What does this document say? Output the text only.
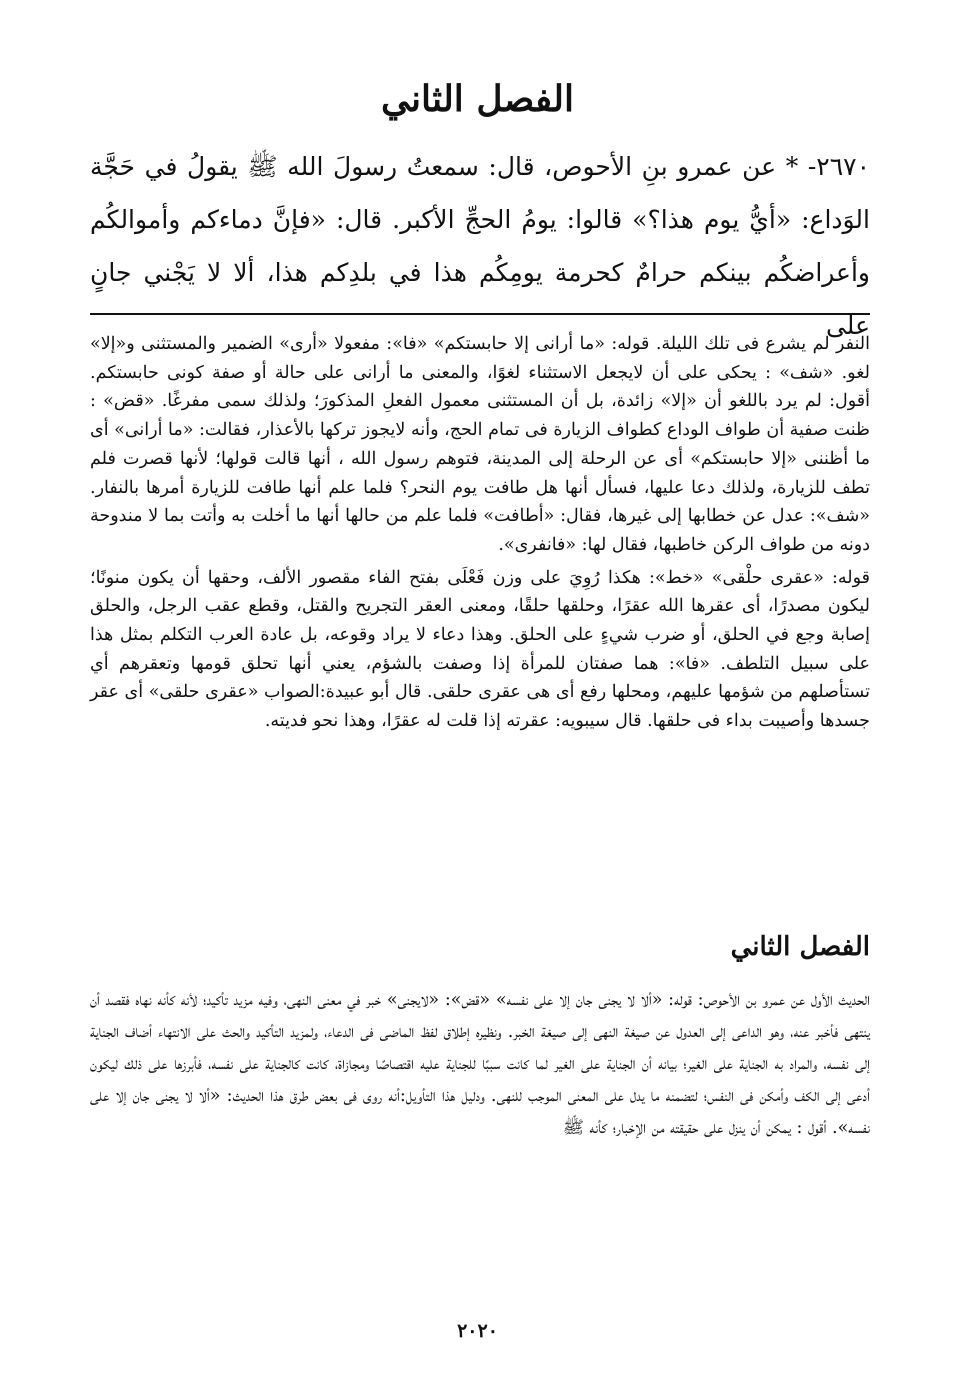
الفصل الثاني

٢٦٧٠- * عن عمرو بنِ الأحوص، قال: سمعتُ رسولَ الله ﷺ يقولُ في حَجَّة الوَداع: «أيُّ يوم هذا؟» قالوا: يومُ الحجِّ الأكبر. قال: «فإنَّ دماءكم وأموالكُم وأعراضكُم بينكم حرامٌ كحرمة يومِكُم هذا في بلدِكم هذا، ألا لا يَجْني جانٍ على

النفر لم يشرع فى تلك الليلة. قوله: «ما أرانى إلا حابستكم» «فا»: مفعولا «أرى» الضمير والمستثنى و«إلا» لغو. «شف» : يحكى على أن لايجعل الاستثناء لغوًا، والمعنى ما أرانى على حالة أو صفة كونى حابستكم. أقول: لم يرد باللغو أن «إلا» زائدة، بل أن المستثنى معمول الفعلِ المذكورَ؛ ولذلك سمى مفرغًا. «قض» : ظنت صفية أن طواف الوداع كطواف الزيارة فى تمام الحج، وأنه لايجوز تركها بالأعذار، فقالت: «ما أرانى» أى ما أظننى «إلا حابستكم» أى عن الرحلة إلى المدينة، فتوهم رسول الله ، أنها قالت قولها؛ لأنها قصرت فلم تطف للزيارة، ولذلك دعا عليها، فسأل أنها هل طافت يوم النحر؟ فلما علم أنها طافت للزيارة أمرها بالنفار. «شف»: عدل عن خطابها إلى غيرها، فقال: «أطافت» فلما علم من حالها أنها ما أخلت به وأتت بما لا مندوحة دونه من طواف الركن خاطبها، فقال لها: «فانفرى».

قوله: «عقرى حلْقى» «خط»: هكذا رُوِيَ على وزن فَعْلَى بفتح الفاء مقصور الألف، وحقها أن يكون منونًا؛ ليكون مصدرًا، أى عقرها الله عقرًا، وحلقها حلقًا، ومعنى العقر التجريح والقتل، وقطع عقب الرجل، والحلق إصابة وجع في الحلق، أو ضرب شيءٍ على الحلق. وهذا دعاء لا يراد وقوعه، بل عادة العرب التكلم بمثل هذا على سبيل التلطف. «فا»: هما صفتان للمرأة إذا وصفت بالشؤم، يعني أنها تحلق قومها وتعقرهم أي تستأصلهم من شؤمها عليهم، ومحلها رفع أى هى عقرى حلقى. قال أبو عبيدة:الصواب «عقرى حلقى» أى عقر جسدها وأصيبت بداء فى حلقها. قال سيبويه: عقرته إذا قلت له عقرًا، وهذا نحو فديته.

الفصل الثاني

الحديث الأول عن عمرو بن الأحوص: قوله: «ألا لا يجنى جان إلا على نفسه» «قض»: «لايجنى» خبر في معنى النهى، وفيه مزيد تأكيد؛ لأنه كأنه نهاه فقصد أن ينتهى فأخبر عنه، وهو الداعى إلى العدول عن صيغة النهى إلى صيغة الخبر. ونظيره إطلاق لفظ الماضى فى الدعاء، ولمزيد التأكيد والحث على الانتهاء أضاف الجناية إلى نفسه، والمراد به الجناية على الغير؛ بيانه أن الجناية على الغير لما كانت سببًا للجناية عليه اقتصاصًا ومجازاة، كانت كالجناية على نفسه، فأبرزها على ذلك ليكون أدعى إلى الكف وأمكن فى النفس؛ لتضمنه ما يدل على المعنى الموجب للنهى. ودليل هذا التأويل:أنه روى فى بعض طرق هذا الحديث: «ألا لا يجنى جان إلا على نفسه». أقول : يمكن أن ينزل على حقيقته من الإخبار؛ كأنه ﷺ

٢٠٢٠
